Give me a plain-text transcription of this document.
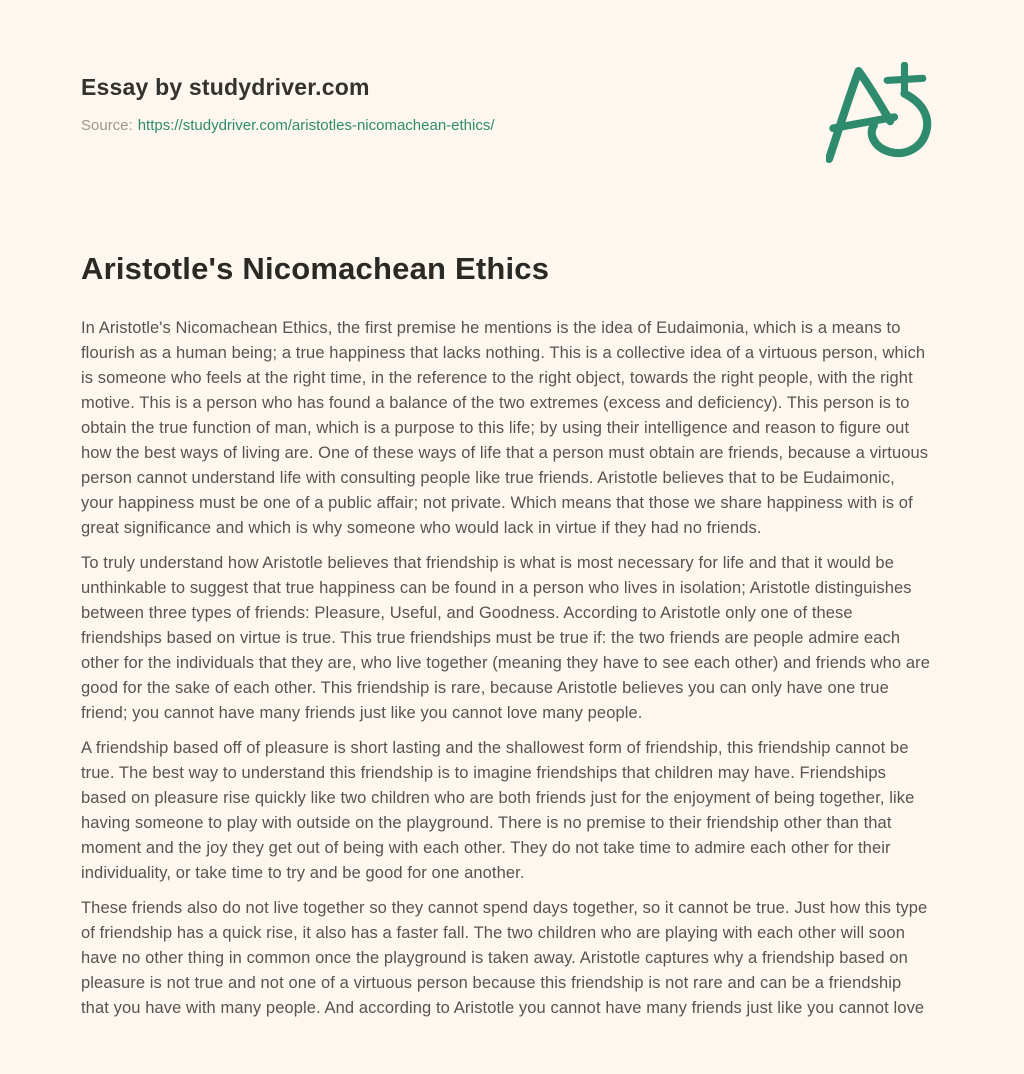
Essay by studydriver.com

Source: https://studydriver.com/aristotles-nicomachean-ethics/

Aristotle's Nicomachean Ethics

In Aristotle's Nicomachean Ethics, the first premise he mentions is the idea of Eudaimonia, which is a means to flourish as a human being; a true happiness that lacks nothing. This is a collective idea of a virtuous person, which is someone who feels at the right time, in the reference to the right object, towards the right people, with the right motive. This is a person who has found a balance of the two extremes (excess and deficiency). This person is to obtain the true function of man, which is a purpose to this life; by using their intelligence and reason to figure out how the best ways of living are. One of these ways of life that a person must obtain are friends, because a virtuous person cannot understand life with consulting people like true friends. Aristotle believes that to be Eudaimonic, your happiness must be one of a public affair; not private. Which means that those we share happiness with is of great significance and which is why someone who would lack in virtue if they had no friends.

To truly understand how Aristotle believes that friendship is what is most necessary for life and that it would be unthinkable to suggest that true happiness can be found in a person who lives in isolation; Aristotle distinguishes between three types of friends: Pleasure, Useful, and Goodness. According to Aristotle only one of these friendships based on virtue is true. This true friendships must be true if: the two friends are people admire each other for the individuals that they are, who live together (meaning they have to see each other) and friends who are good for the sake of each other. This friendship is rare, because Aristotle believes you can only have one true friend; you cannot have many friends just like you cannot love many people.

A friendship based off of pleasure is short lasting and the shallowest form of friendship, this friendship cannot be true. The best way to understand this friendship is to imagine friendships that children may have. Friendships based on pleasure rise quickly like two children who are both friends just for the enjoyment of being together, like having someone to play with outside on the playground. There is no premise to their friendship other than that moment and the joy they get out of being with each other. They do not take time to admire each other for their individuality, or take time to try and be good for one another.

These friends also do not live together so they cannot spend days together, so it cannot be true. Just how this type of friendship has a quick rise, it also has a faster fall. The two children who are playing with each other will soon have no other thing in common once the playground is taken away. Aristotle captures why a friendship based on pleasure is not true and not one of a virtuous person because this friendship is not rare and can be a friendship that you have with many people. And according to Aristotle you cannot have many friends just like you cannot love
